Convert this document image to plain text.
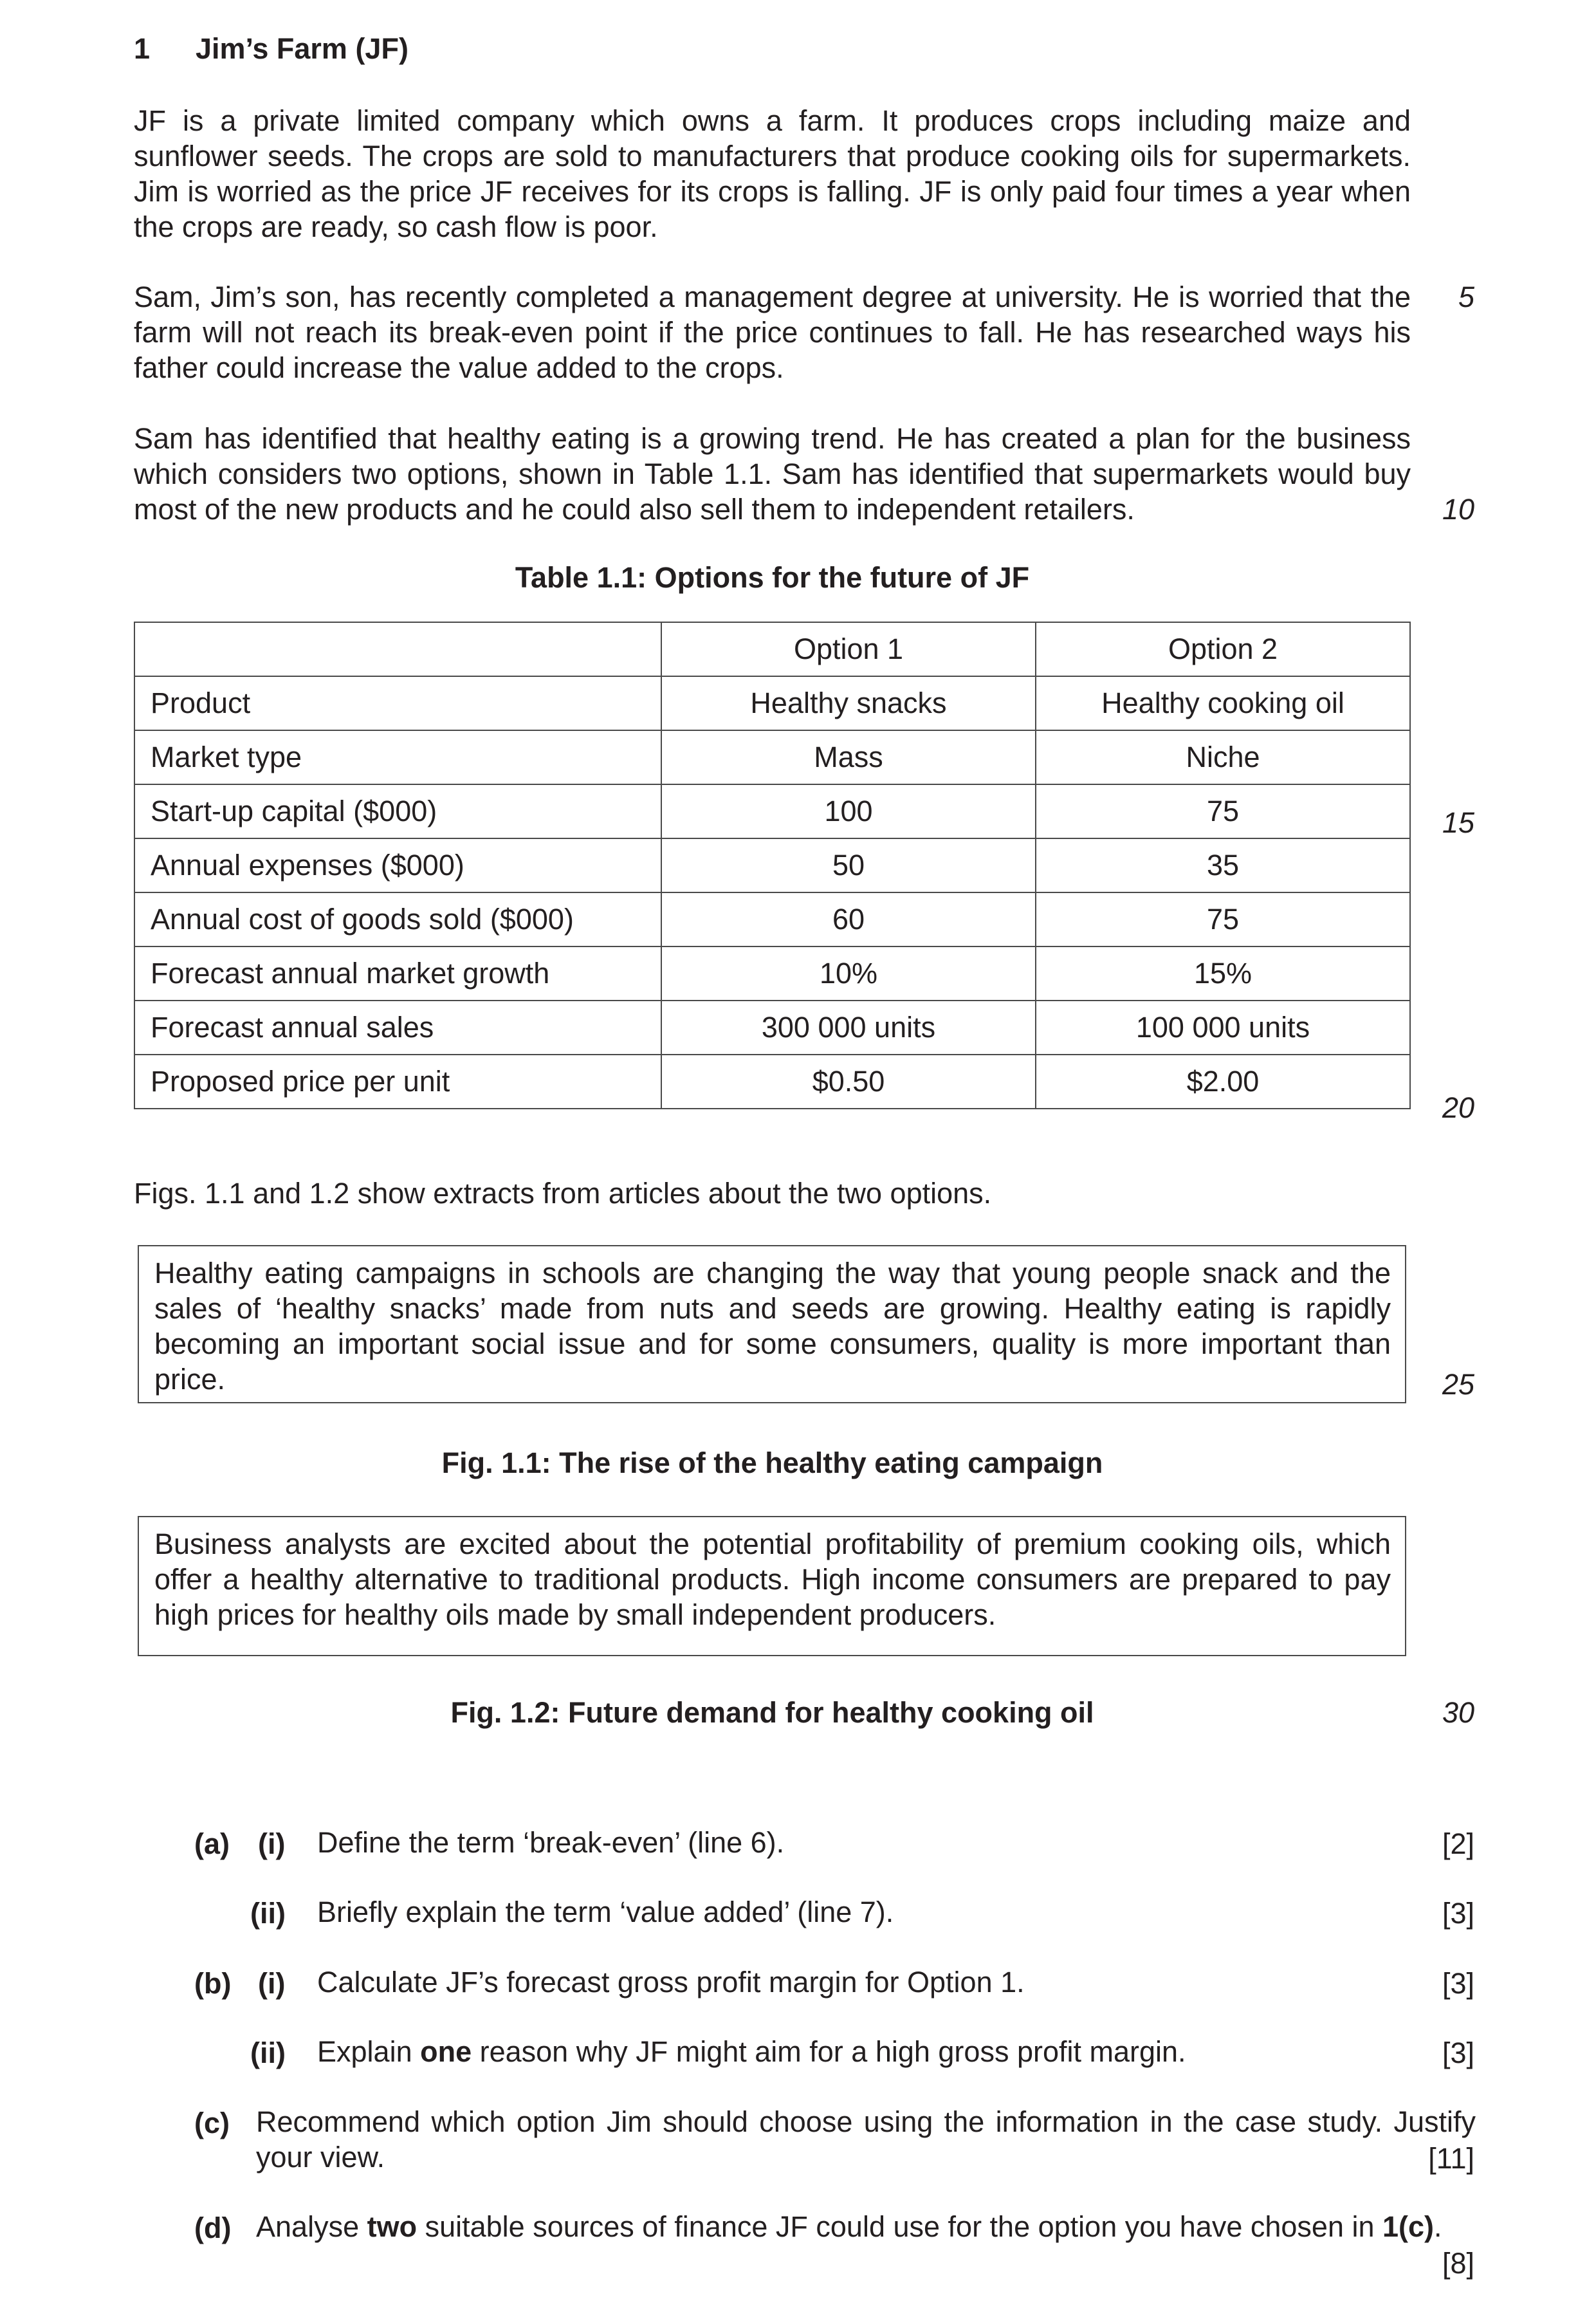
1 Jim’s Farm (JF)

JF is a private limited company which owns a farm. It produces crops including maize and sunflower seeds. The crops are sold to manufacturers that produce cooking oils for supermarkets. Jim is worried as the price JF receives for its crops is falling. JF is only paid four times a year when the crops are ready, so cash flow is poor.

Sam, Jim’s son, has recently completed a management degree at university. He is worried that the farm will not reach its break-even point if the price continues to fall. He has researched ways his father could increase the value added to the crops.

Sam has identified that healthy eating is a growing trend. He has created a plan for the business which considers two options, shown in Table 1.1. Sam has identified that supermarkets would buy most of the new products and he could also sell them to independent retailers.

5
10
15
20
25
30
Table 1.1: Options for the future of JF
	Option 1	Option 2
Product	Healthy snacks	Healthy cooking oil
Market type	Mass	Niche
Start-up capital ($000)	100	75
Annual expenses ($000)	50	35
Annual cost of goods sold ($000)	60	75
Forecast annual market growth	10%	15%
Forecast annual sales	300 000 units	100 000 units
Proposed price per unit	$0.50	$2.00

Figs. 1.1 and 1.2 show extracts from articles about the two options.

Healthy eating campaigns in schools are changing the way that young people snack and the sales of ‘healthy snacks’ made from nuts and seeds are growing. Healthy eating is rapidly becoming an important social issue and for some consumers, quality is more important than price.
Fig. 1.1: The rise of the healthy eating campaign
Business analysts are excited about the potential profitability of premium cooking oils, which offer a healthy alternative to traditional products. High income consumers are prepared to pay high prices for healthy oils made by small independent producers.
Fig. 1.2: Future demand for healthy cooking oil
(a) (i) Define the term ‘break-even’ (line 6).	[2]
(ii) Briefly explain the term ‘value added’ (line 7).	[3]
(b) (i) Calculate JF’s forecast gross profit margin for Option 1.	[3]
(ii) Explain one reason why JF might aim for a high gross profit margin.	[3]
(c) Recommend which option Jim should choose using the information in the case study. Justify
your view.	[11]
(d) Analyse two suitable sources of finance JF could use for the option you have chosen in 1(c).
[8]
